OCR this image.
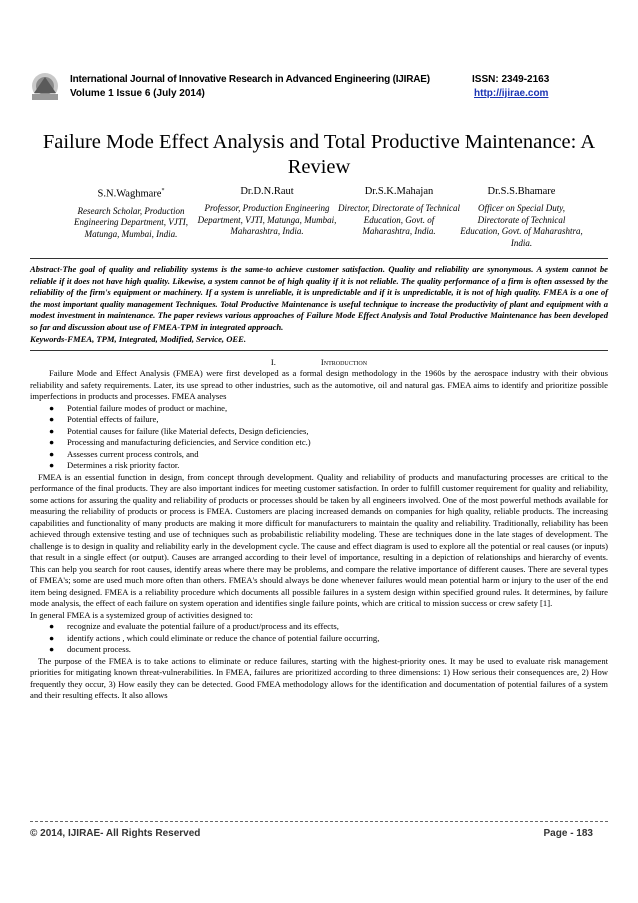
International Journal of Innovative Research in Advanced Engineering (IJIRAE)	ISSN: 2349-2163
Volume 1 Issue 6 (July 2014)	http://ijirae.com
Failure Mode Effect Analysis and Total Productive Maintenance: A Review
S.N.Waghmare*
Research Scholar, Production Engineering Department, VJTI, Matunga, Mumbai, India.
Dr.D.N.Raut
Professor, Production Engineering Department, VJTI, Matunga, Mumbai, Maharashtra, India.
Dr.S.K.Mahajan
Director, Directorate of Technical Education, Govt. of Maharashtra, India.
Dr.S.S.Bhamare
Officer on Special Duty, Directorate of Technical Education, Govt. of Maharashtra, India.
Abstract-The goal of quality and reliability systems is the same-to achieve customer satisfaction. Quality and reliability are synonymous. A system cannot be reliable if it does not have high quality. Likewise, a system cannot be of high quality if it is not reliable. The quality performance of a firm is often assessed by the reliability of the firm's equipment or machinery. If a system is unreliable, it is unpredictable and if it is unpredictable, it is not of high quality. FMEA is a one of the most important quality management Techniques. Total Productive Maintenance is useful technique to increase the productivity of plant and equipment with a modest investment in maintenance. The paper reviews various approaches of Failure Mode Effect Analysis and Total Productive Maintenance has been developed so far and discussion about use of FMEA-TPM in integrated approach.
Keywords-FMEA, TPM, Integrated, Modified, Service, OEE.
I.	Introduction

Failure Mode and Effect Analysis (FMEA) were first developed as a formal design methodology in the 1960s by the aerospace industry with their obvious reliability and safety requirements. Later, its use spread to other industries, such as the automotive, oil and natural gas. FMEA aims to identify and prioritize possible imperfections in products and processes. FMEA analyses

● Potential failure modes of product or machine,
● Potential effects of failure,
● Potential causes for failure (like Material defects, Design deficiencies,
● Processing and manufacturing deficiencies, and Service condition etc.)
● Assesses current process controls, and
● Determines a risk priority factor.

FMEA is an essential function in design, from concept through development. Quality and reliability of products and manufacturing processes are critical to the performance of the final products. They are also important indices for meeting customer satisfaction. In order to fulfill customer requirement for quality and reliability, some actions for assuring the quality and reliability of products or processes should be taken by all engineers involved. One of the most powerful methods available for measuring the reliability of products or process is FMEA. Customers are placing increased demands on companies for high quality, reliable products. The increasing capabilities and functionality of many products are making it more difficult for manufacturers to maintain the quality and reliability. Traditionally, reliability has been achieved through extensive testing and use of techniques such as probabilistic reliability modeling. These are techniques done in the late stages of development. The challenge is to design in quality and reliability early in the development cycle. The cause and effect diagram is used to explore all the potential or real causes (or inputs) that result in a single effect (or output). Causes are arranged according to their level of importance, resulting in a depiction of relationships and hierarchy of events. This can help you search for root causes, identify areas where there may be problems, and compare the relative importance of different causes. There are several types of FMEA's; some are used much more often than others. FMEA's should always be done whenever failures would mean potential harm or injury to the user of the end item being designed. FMEA is a reliability procedure which documents all possible failures in a system design within specified ground rules. It determines, by failure mode analysis, the effect of each failure on system operation and identifies single failure points, which are critical to mission success or crew safety [1].

In general FMEA is a systemized group of activities designed to:

● recognize and evaluate the potential failure of a product/process and its effects,
● identify actions , which could eliminate or reduce the chance of potential failure occurring,
● document process.

The purpose of the FMEA is to take actions to eliminate or reduce failures, starting with the highest-priority ones. It may be used to evaluate risk management priorities for mitigating known threat-vulnerabilities. In FMEA, failures are prioritized according to three dimensions: 1) How serious their consequences are, 2) How frequently they occur, 3) How easily they can be detected. Good FMEA methodology allows for the identification and documentation of potential failures of a system and their resulting effects. It also allows

© 2014, IJIRAE- All Rights Reserved	Page - 183
